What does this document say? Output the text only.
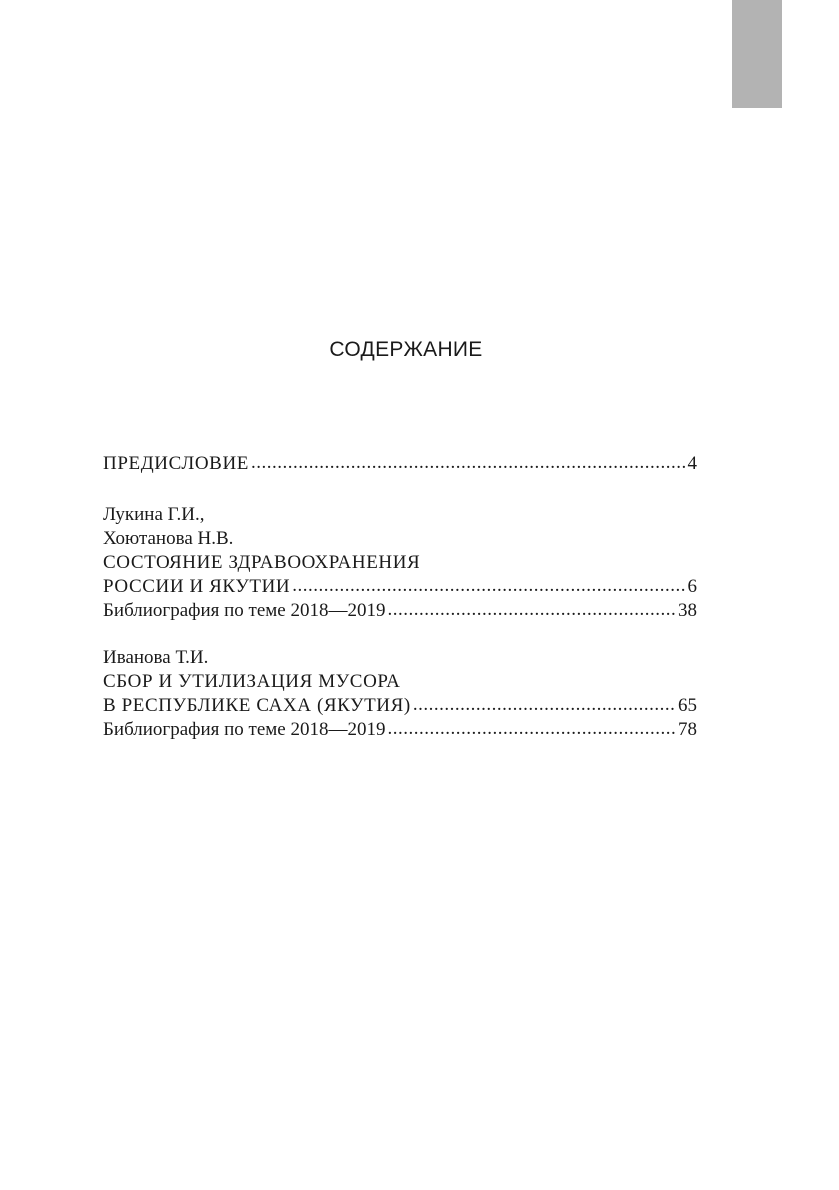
СОДЕРЖАНИЕ
ПРЕДИСЛОВИЕ .....	4
Лукина Г.И.,
Хоютанова Н.В.
СОСТОЯНИЕ ЗДРАВООХРАНЕНИЯ
РОССИИ И ЯКУТИИ .....	6
Библиография по теме 2018—2019 .....	38
Иванова Т.И.
СБОР И УТИЛИЗАЦИЯ МУСОРА
В РЕСПУБЛИКЕ САХА (ЯКУТИЯ) .....	65
Библиография по теме 2018—2019 .....	78
